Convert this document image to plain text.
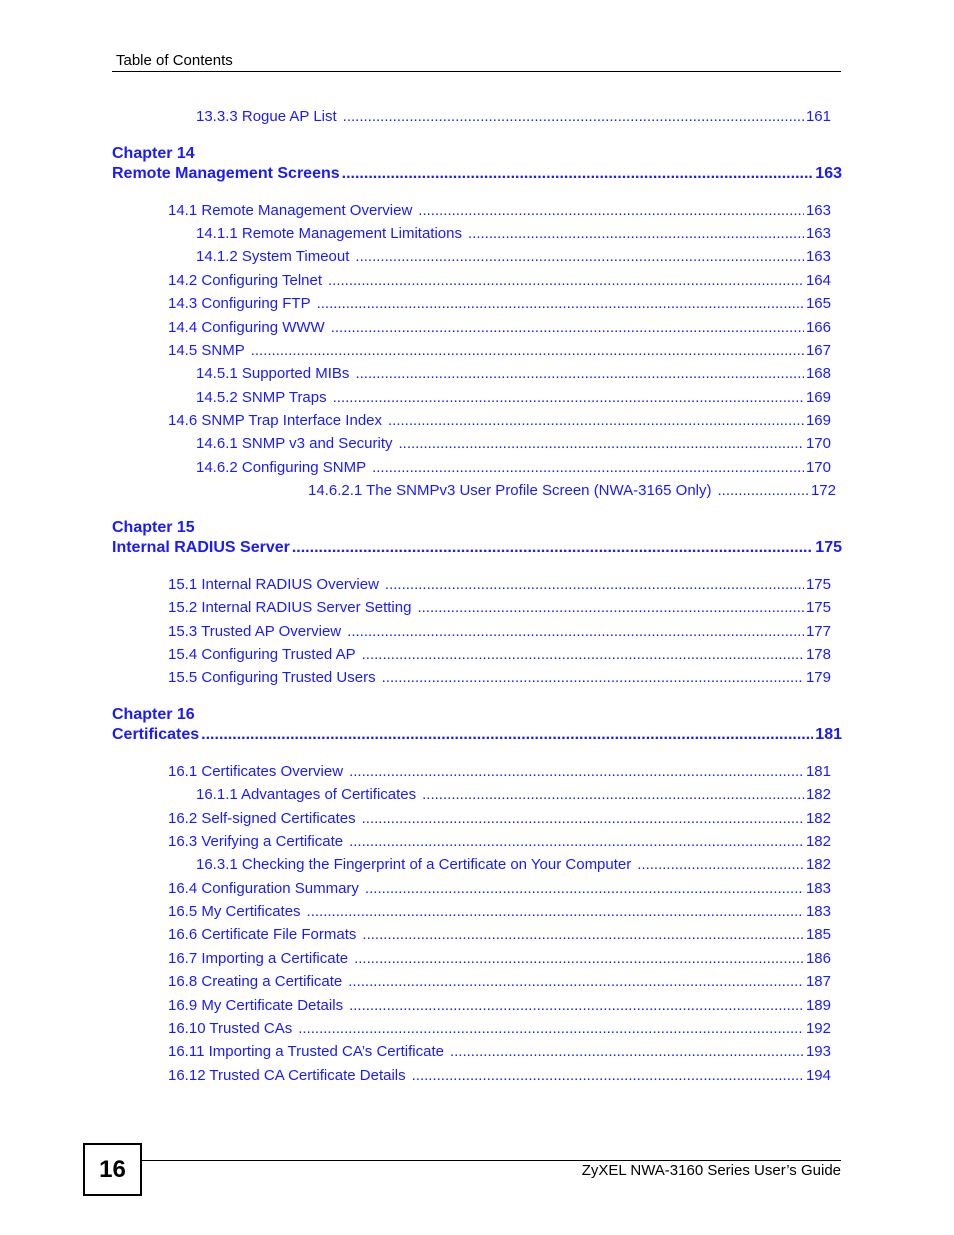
Table of Contents
13.3.3 Rogue AP List .....	161
Chapter 14
Remote Management Screens .....	163
14.1 Remote Management Overview .....	163
14.1.1 Remote Management Limitations .....	163
14.1.2 System Timeout .....	163
14.2 Configuring Telnet .....	164
14.3 Configuring FTP .....	165
14.4 Configuring WWW .....	166
14.5 SNMP .....	167
14.5.1 Supported MIBs .....	168
14.5.2 SNMP Traps .....	169
14.6 SNMP Trap Interface Index .....	169
14.6.1 SNMP v3 and Security .....	170
14.6.2 Configuring SNMP .....	170
14.6.2.1 The SNMPv3 User Profile Screen (NWA-3165 Only) .....	172
Chapter 15
Internal RADIUS Server .....	175
15.1 Internal RADIUS Overview .....	175
15.2 Internal RADIUS Server Setting .....	175
15.3 Trusted AP Overview .....	177
15.4 Configuring Trusted AP .....	178
15.5 Configuring Trusted Users .....	179
Chapter 16
Certificates .....	181
16.1 Certificates Overview .....	181
16.1.1 Advantages of Certificates .....	182
16.2 Self-signed Certificates .....	182
16.3 Verifying a Certificate .....	182
16.3.1 Checking the Fingerprint of a Certificate on Your Computer .....	182
16.4 Configuration Summary .....	183
16.5 My Certificates .....	183
16.6 Certificate File Formats .....	185
16.7 Importing a Certificate .....	186
16.8 Creating a Certificate .....	187
16.9 My Certificate Details .....	189
16.10 Trusted CAs .....	192
16.11 Importing a Trusted CA’s Certificate .....	193
16.12 Trusted CA Certificate Details .....	194
16	ZyXEL NWA-3160 Series User’s Guide
